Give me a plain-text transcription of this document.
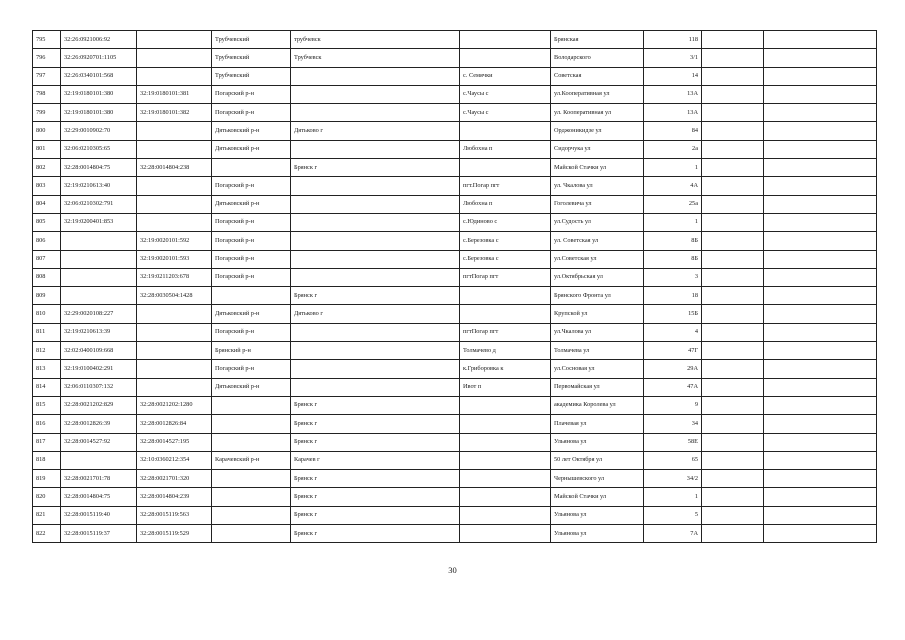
795	32:26:0921006:92		Трубчевский	трубчевск		Брянская	118		
796	32:26:0920701:1105		Трубчевский	Трубчевск		Володарского	3/1		
797	32:26:0340101:568		Трубчевский		с. Семячки	Советская	14		
798	32:19:0180101:380	32:19:0180101:381	Погарский р-н		с.Чаусы с	ул.Кооперативная ул	13А		
799	32:19:0180101:380	32:19:0180101:382	Погарский р-н		с.Чаусы с	ул. Кооперативная ул	13А		
800	32:29:0010902:70		Дятьковский р-н	Дятьково г		Орджоникидзе ул	84		
801	32:06:0210305:65		Дятьковский р-н		Любохна п	Сидорчука ул	2а		
802	32:28:0014804:75	32:28:0014804:238		Брянск г		Майской Стачки ул	1		
803	32:19:0210613:40		Погарский р-н		пгт.Погар пгт	ул. Чкалова ул	4А		
804	32:06:0210302:791		Дятьковский р-н		Любохна п	Гоголевича ул	25а		
805	32:19:0200401:853		Погарский р-н		с.Юдиново с	ул.Судость ул	1		
806		32:19:0020101:592	Погарский р-н		с.Березовка с	ул. Советская ул	8Б		
807		32:19:0020101:593	Погарский р-н		с.Березовка с	ул.Советская ул	8Б		
808		32:19:0211203:678	Погарский р-н		пгтПогар пгт	ул.Октябрьская ул	3		
809		32:28:0030504:1428		Брянск г		Брянского Фронта ул	18		
810	32:29:0020108:227		Дятьковский р-н	Дятьково г		Крупской ул	15Б		
811	32:19:0210613:39		Погарский р-н		пгтПогар пгт	ул.Чкалова ул	4		
812	32:02:0400109:668		Брянский р-н		Толмачево д	Толмачева ул	47Г		
813	32:19:0100402:291		Погарский р-н		к.Гриборовка к	ул.Сосновая ул	29А		
814	32:06:0110307:132		Дятьковский р-н		Ивот п	Первомайская ул	47А		
815	32:28:0021202:829	32:28:0021202:1280		Брянск г		академика Королева ул	9		
816	32:28:0012826:39	32:28:0012826:84		Брянск г		Плачевая ул	34		
817	32:28:0014527:92	32:28:0014527:195		Брянск г		Ульянова ул	58Е		
818		32:10:0360212:354	Карачевский р-н	Карачев г		50 лет Октября ул	65		
819	32:28:0021701:78	32:28:0021701:320		Брянск г		Чернышевского ул	34/2		
820	32:28:0014804:75	32:28:0014804:239		Брянск г		Майской Стачки ул	1		
821	32:28:0015119:40	32:28:0015119:563		Брянск г		Ульянова ул	5		
822	32:28:0015119:37	32:28:0015119:529		Брянск г		Ульянова ул	7А		
30
